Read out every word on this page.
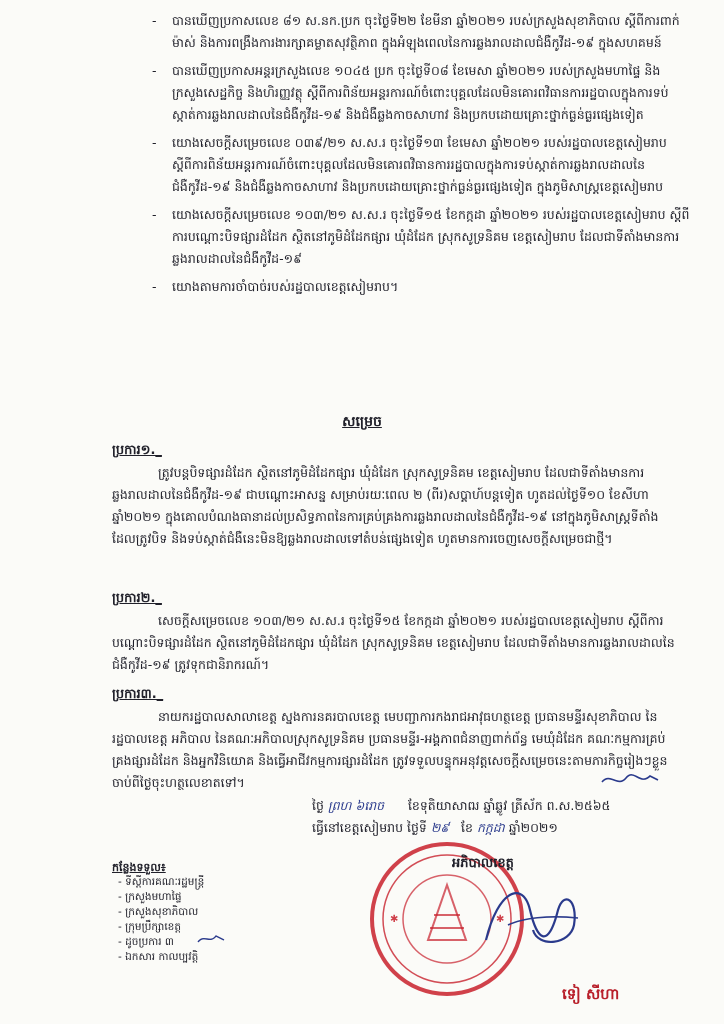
- បានឃើញប្រកាសលេខ ៨១ ស.នក.ប្រក ចុះថ្ងៃទី២២ ខែមីនា ឆ្នាំ២០២១ របស់ក្រសួងសុខាភិបាល ស្តីពីការពាក់ម៉ាស់ និងការពង្រឹងការងារក្សាគម្លាតសុវត្ថិភាព ក្នុងអំឡុងពេលនៃការឆ្លងរាលដាលជំងឺកូវីដ-១៩ ក្នុងសហគមន៍
- បានឃើញប្រកាសអន្តរក្រសួងលេខ ១០៤៥ ប្រក ចុះថ្ងៃទី០៨ ខែមេសា ឆ្នាំ២០២១ របស់ក្រសួងមហាផ្ទៃ និងក្រសួងសេដ្ឋកិច្ច និងហិរញ្ញវត្ថុ ស្តីពីការពិន័យអន្តរការណ៍ចំពោះបុគ្គលដែលមិនគោរពវិធានការរដ្ឋបាលក្នុងការទប់ស្កាត់ការឆ្លងរាលដាលនៃជំងឺកូវីដ-១៩ និងជំងឺឆ្លងកាចសាហាវ និងប្រកបដោយគ្រោះថ្នាក់ធ្ងន់ធ្ងរផ្សេងទៀត
- យោងសេចក្តីសម្រេចលេខ ០៣៩/២១ ស.ស.រ ចុះថ្ងៃទី១៣ ខែមេសា ឆ្នាំ២០២១ របស់រដ្ឋបាលខេត្តសៀមរាប ស្តីពីការពិន័យអន្តរការណ៍ចំពោះបុគ្គលដែលមិនគោរពវិធានការរដ្ឋបាលក្នុងការទប់ស្កាត់ការឆ្លងរាលដាលនៃជំងឺកូវីដ-១៩ និងជំងឺឆ្លងកាចសាហាវ និងប្រកបដោយគ្រោះថ្នាក់ធ្ងន់ធ្ងរផ្សេងទៀត ក្នុងភូមិសាស្ត្រខេត្តសៀមរាប
- យោងសេចក្តីសម្រេចលេខ ១០៣/២១ ស.ស.រ ចុះថ្ងៃទី១៥ ខែកក្កដា ឆ្នាំ២០២១ របស់រដ្ឋបាលខេត្តសៀមរាប ស្តីពីការបណ្តោះបិទផ្សារដំដែក ស្ថិតនៅភូមិដំដែកផ្សារ ឃុំដំដែក ស្រុកសូទ្រនិគម ខេត្តសៀមរាប ដែលជាទីតាំងមានការឆ្លងរាលដាលនៃជំងឺកូវីដ-១៩
- យោងតាមការចាំបាច់របស់រដ្ឋបាលខេត្តសៀមរាប។
សម្រេច
ប្រការ១._
ត្រូវបន្តបិទផ្សារដំដែក ស្ថិតនៅភូមិដំដែកផ្សារ ឃុំដំដែក ស្រុកសូទ្រនិគម ខេត្តសៀមរាប ដែលជាទីតាំងមានការឆ្លងរាលដាលនៃជំងឺកូវីដ-១៩ ជាបណ្តោះអាសន្ន សម្រាប់រយៈពេល ២ (ពីរ)សប្តាហ៍បន្តទៀត ហូតដល់ថ្ងៃទី១០ ខែសីហា ឆ្នាំ២០២១ ក្នុងគោលបំណងធានាដល់ប្រសិទ្ធភាពនៃការគ្រប់គ្រងការឆ្លងរាលដាលនៃជំងឺកូវីដ-១៩ នៅក្នុងភូមិសាស្ត្រទីតាំងដែលត្រូវបិទ និងទប់ស្កាត់ជំងឺនេះមិនឱ្យឆ្លងរាលដាលទៅតំបន់ផ្សេងទៀត ហូតមានការចេញសេចក្តីសម្រេចជាថ្មី។
ប្រការ២._
សេចក្តីសម្រេចលេខ ១០៣/២១ ស.ស.រ ចុះថ្ងៃទី១៥ ខែកក្កដា ឆ្នាំ២០២១ របស់រដ្ឋបាលខេត្តសៀមរាប ស្តីពីការបណ្តោះបិទផ្សារដំដែក ស្ថិតនៅភូមិដំដែកផ្សារ ឃុំដំដែក ស្រុកសូទ្រនិគម ខេត្តសៀមរាប ដែលជាទីតាំងមានការឆ្លងរាលដាលនៃជំងឺកូវីដ-១៩ ត្រូវទុកជានិរាករណ៍។
ប្រការ៣._
នាយករដ្ឋបាលសាលាខេត្ត ស្នងការនគរបាលខេត្ត មេបញ្ជាការកងរាជអាវុធហត្ថខេត្ត ប្រធានមន្ទីរសុខាភិបាល នៃរដ្ឋបាលខេត្ត អភិបាល នៃគណៈអភិបាលស្រុកសូទ្រនិគម ប្រធានមន្ទីរ-អង្គភាពជំនាញពាក់ព័ន្ធ មេឃុំដំដែក គណៈកម្មការគ្រប់គ្រងផ្សារដំដែក និងអ្នកវិនិយោគ និងធ្វើអាជីវកម្មការផ្សារដំដែក ត្រូវទទួលបន្ទុកអនុវត្តសេចក្តីសម្រេចនេះតាមភារកិច្ចរៀងៗខ្លួន ចាប់ពីថ្ងៃចុះហត្ថលេខាតទៅ។
ថ្ងៃ ព្រហ ៦រោច ខែទុតិយាសាឍ ឆ្នាំឆ្លូវ ត្រីស័ក ព.ស.២៥៦៥
ធ្វើនៅខេត្តសៀមរាប ថ្ងៃទី ២៩ ខែ កក្កដា ឆ្នាំ២០២១
កន្លែងទទួល៖
- ទីស្តីការគណៈរដ្ឋមន្ត្រី
- ក្រសួងមហាផ្ទៃ
- ក្រសួងសុខាភិបាល
- ក្រុមប្រឹក្សាខេត្ត
- ដូចប្រការ ៣
- ឯកសារ កាលប្បវត្តិ
✱	✱
អភិបាលខេត្ត
ទៀ សីហា
